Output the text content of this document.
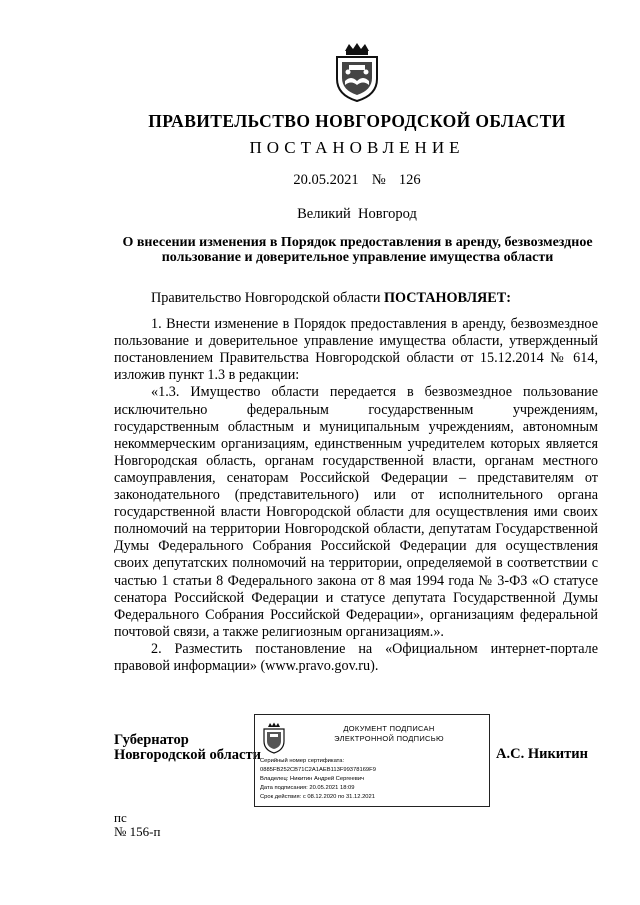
ПРАВИТЕЛЬСТВО НОВГОРОДСКОЙ ОБЛАСТИ
ПОСТАНОВЛЕНИЕ
20.05.2021  №  126
Великий  Новгород
О внесении изменения в Порядок предоставления в аренду, безвозмездное пользование и доверительное управление имущества области

Правительство Новгородской области ПОСТАНОВЛЯЕТ:

1. Внести изменение в Порядок предоставления в аренду, безвозмездное пользование и доверительное управление имущества области, утвержденный постановлением Правительства Новгородской области от 15.12.2014 № 614, изложив пункт 1.3 в редакции:

«1.3. Имущество области передается в безвозмездное пользование исключительно федеральным государственным учреждениям, государственным областным и муниципальным учреждениям, автономным некоммерческим организациям, единственным учредителем которых является Новгородская область, органам государственной власти, органам местного самоуправления, сенаторам Российской Федерации – представителям от законодательного (представительного) или от исполнительного органа государственной власти Новгородской области для осуществления ими своих полномочий на территории Новгородской области, депутатам Государственной Думы Федерального Собрания Российской Федерации для осуществления своих депутатских полномочий на территории, определяемой в соответствии с частью 1 статьи 8 Федерального закона от 8 мая 1994 года № 3-ФЗ «О статусе сенатора Российской Федерации и статусе депутата Государственной Думы Федерального Собрания Российской Федерации», организациям федеральной почтовой связи, а также религиозным организациям.».

2. Разместить постановление на «Официальном интернет-портале правовой информации» (www.pravo.gov.ru).

Губернатор
Новгородской области
ДОКУМЕНТ ПОДПИСАН
ЭЛЕКТРОННОЙ ПОДПИСЬЮ
Серийный номер сертификата:
0885FB252CB71C2A1AEB113F99378169F9
Владелец: Никитин Андрей Сергеевич
Дата подписания: 20.05.2021 18:09
Срок действия: с 08.12.2020 по 31.12.2021
А.С. Никитин
пс
№ 156-п
